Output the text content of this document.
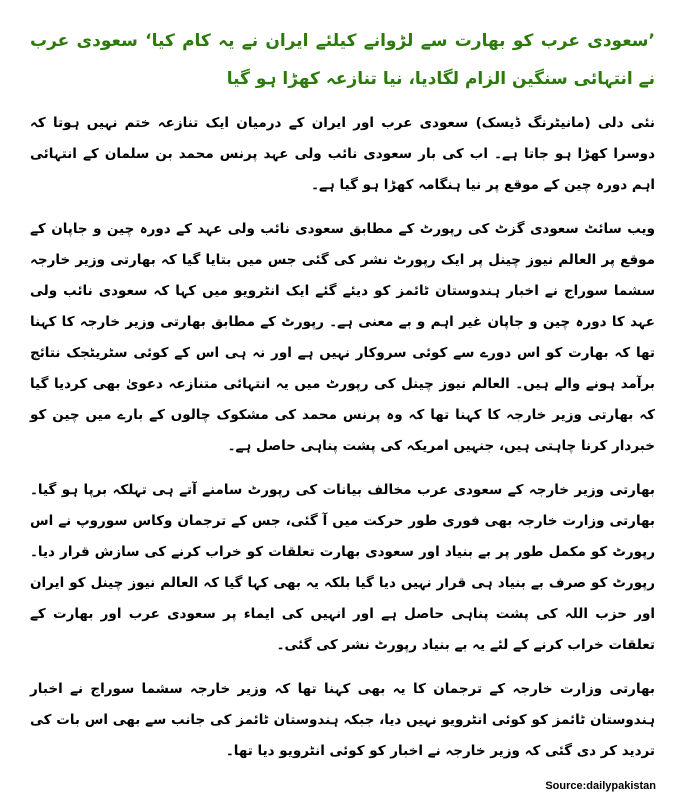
’سعودی عرب کو بھارت سے لڑوانے کیلئے ایران نے یہ کام کیا‘ سعودی عرب نے انتہائی سنگین الزام لگادیا، نیا تنازعہ کھڑا ہو گیا

نئی دلی (مانیٹرنگ ڈیسک) سعودی عرب اور ایران کے درمیان ایک تنازعہ ختم نہیں ہوتا کہ دوسرا کھڑا ہو جاتا ہے۔ اب کی بار سعودی نائب ولی عہد پرنس محمد بن سلمان کے انتہائی اہم دورہ چین کے موقع پر نیا ہنگامہ کھڑا ہو گیا ہے۔

ویب سائٹ سعودی گزٹ کی رپورٹ کے مطابق سعودی نائب ولی عہد کے دورہ چین و جاپان کے موقع پر العالم نیوز چینل پر ایک رپورٹ نشر کی گئی جس میں بتایا گیا کہ بھارتی وزیر خارجہ سشما سوراج نے اخبار ہندوستان ٹائمز کو دیئے گئے ایک انٹرویو میں کہا کہ سعودی نائب ولی عہد کا دورہ چین و جاپان غیر اہم و بے معنی ہے۔ رپورٹ کے مطابق بھارتی وزیر خارجہ کا کہنا تھا کہ بھارت کو اس دورے سے کوئی سروکار نہیں ہے اور نہ ہی اس کے کوئی سٹریٹجک نتائج برآمد ہونے والے ہیں۔ العالم نیوز چینل کی رپورٹ میں یہ انتہائی متنازعہ دعویٰ بھی کردیا گیا کہ بھارتی وزیر خارجہ کا کہنا تھا کہ وہ پرنس محمد کی مشکوک چالوں کے بارے میں چین کو خبردار کرنا چاہتی ہیں، جنہیں امریکہ کی پشت پناہی حاصل ہے۔

بھارتی وزیر خارجہ کے سعودی عرب مخالف بیانات کی رپورٹ سامنے آتے ہی تہلکہ برپا ہو گیا۔ بھارتی وزارت خارجہ بھی فوری طور حرکت میں آ گئی، جس کے ترجمان وکاس سوروپ نے اس رپورٹ کو مکمل طور پر بے بنیاد اور سعودی بھارت تعلقات کو خراب کرنے کی سازش قرار دیا۔ رپورٹ کو صرف بے بنیاد ہی قرار نہیں دیا گیا بلکہ یہ بھی کہا گیا کہ العالم نیوز چینل کو ایران اور حزب اللہ کی پشت پناہی حاصل ہے اور انہیں کی ایماء پر سعودی عرب اور بھارت کے تعلقات خراب کرنے کے لئے یہ بے بنیاد رپورٹ نشر کی گئی۔

بھارتی وزارت خارجہ کے ترجمان کا یہ بھی کہنا تھا کہ وزیر خارجہ سشما سوراج نے اخبار ہندوستان ٹائمز کو کوئی انٹرویو نہیں دیا، جبکہ ہندوستان ٹائمز کی جانب سے بھی اس بات کی تردید کر دی گئی کہ وزیر خارجہ نے اخبار کو کوئی انٹرویو دیا تھا۔

Source:dailypakistan
